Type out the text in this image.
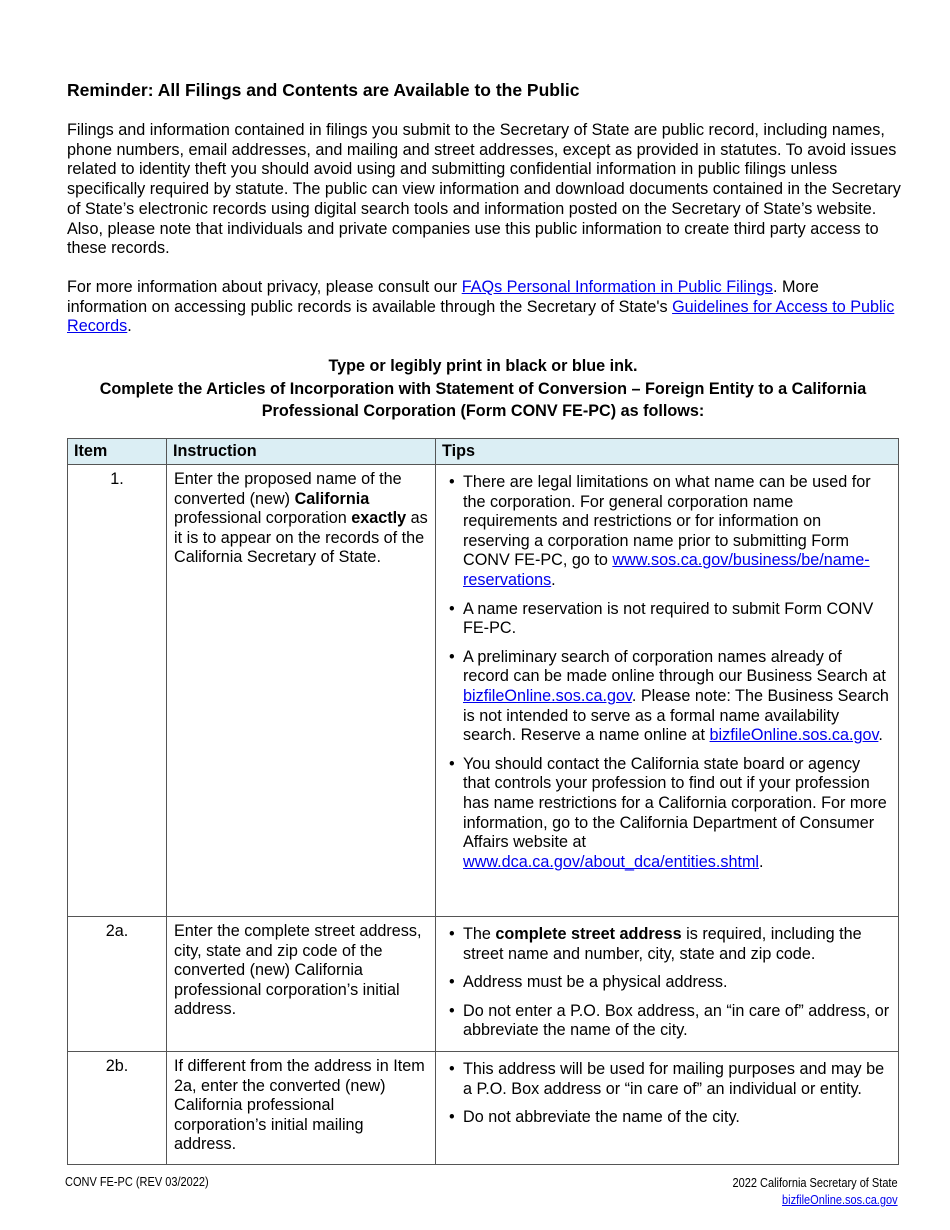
Reminder: All Filings and Contents are Available to the Public

Filings and information contained in filings you submit to the Secretary of State are public record, including names, phone numbers, email addresses, and mailing and street addresses, except as provided in statutes. To avoid issues related to identity theft you should avoid using and submitting confidential information in public filings unless specifically required by statute. The public can view information and download documents contained in the Secretary of State’s electronic records using digital search tools and information posted on the Secretary of State’s website. Also, please note that individuals and private companies use this public information to create third party access to these records.

For more information about privacy, please consult our FAQs Personal Information in Public Filings. More information on accessing public records is available through the Secretary of State's Guidelines for Access to Public Records.

Type or legibly print in black or blue ink.
Complete the Articles of Incorporation with Statement of Conversion – Foreign Entity to a California Professional Corporation (Form CONV FE-PC) as follows:
Item	Instruction	Tips
1.	Enter the proposed name of the converted (new) California professional corporation exactly as it is to appear on the records of the California Secretary of State.	
• There are legal limitations on what name can be used for the corporation. For general corporation name requirements and restrictions or for information on reserving a corporation name prior to submitting Form CONV FE-PC, go to www.sos.ca.gov/business/be/name-reservations.
• A name reservation is not required to submit Form CONV FE-PC.
• A preliminary search of corporation names already of record can be made online through our Business Search at bizfileOnline.sos.ca.gov. Please note: The Business Search is not intended to serve as a formal name availability search. Reserve a name online at bizfileOnline.sos.ca.gov.
• You should contact the California state board or agency that controls your profession to find out if your profession has name restrictions for a California corporation. For more information, go to the California Department of Consumer Affairs website at www.dca.ca.gov/about_dca/entities.shtml.

2a.	Enter the complete street address, city, state and zip code of the converted (new) California professional corporation’s initial address.	
• The complete street address is required, including the street name and number, city, state and zip code.
• Address must be a physical address.
• Do not enter a P.O. Box address, an “in care of” address, or abbreviate the name of the city.

2b.	If different from the address in Item 2a, enter the converted (new) California professional corporation’s initial mailing address.	
• This address will be used for mailing purposes and may be a P.O. Box address or “in care of” an individual or entity.
• Do not abbreviate the name of the city.
CONV FE-PC (REV 03/2022)	2022 California Secretary of State
bizfileOnline.sos.ca.gov
